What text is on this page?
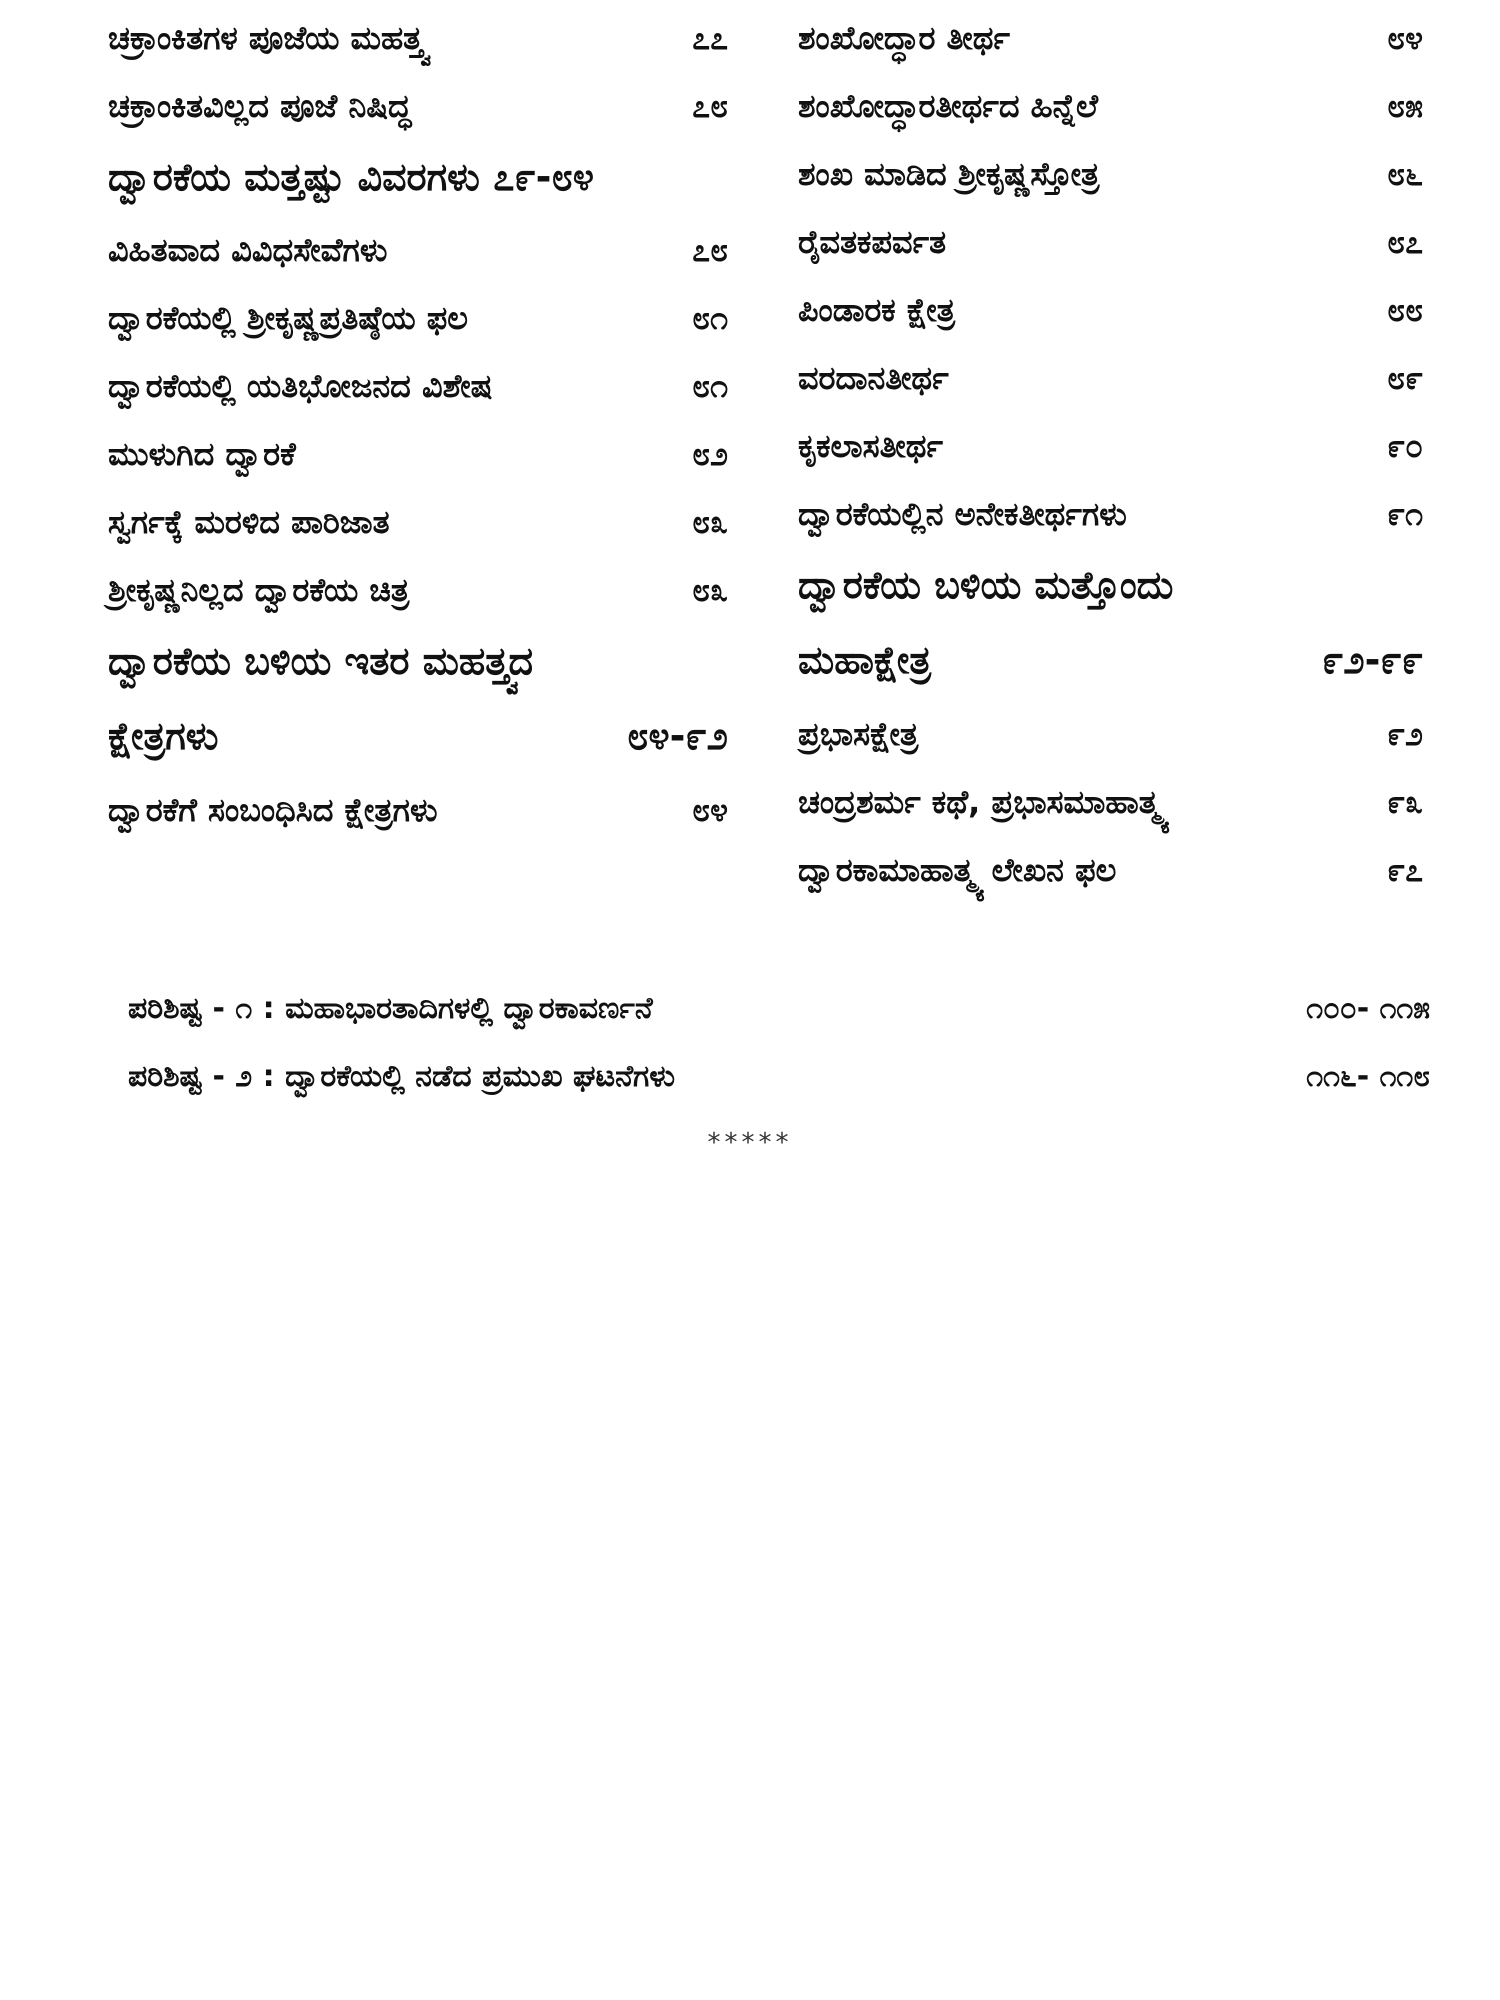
ಚಕ್ರಾಂಕಿತಗಳ ಪೂಜೆಯ ಮಹತ್ತ್ವ	೭೭
ಚಕ್ರಾಂಕಿತವಿಲ್ಲದ ಪೂಜೆ ನಿಷಿದ್ಧ	೭೮
ದ್ವಾರಕೆಯ ಮತ್ತಷ್ಟು ವಿವರಗಳು ೭೯-೮೪
ವಿಹಿತವಾದ ವಿವಿಧಸೇವೆಗಳು	೭೮
ದ್ವಾರಕೆಯಲ್ಲಿ ಶ್ರೀಕೃಷ್ಣಪ್ರತಿಷ್ಠೆಯ ಫಲ	೮೧
ದ್ವಾರಕೆಯಲ್ಲಿ ಯತಿಭೋಜನದ ವಿಶೇಷ	೮೧
ಮುಳುಗಿದ ದ್ವಾರಕೆ	೮೨
ಸ್ವರ್ಗಕ್ಕೆ ಮರಳಿದ ಪಾರಿಜಾತ	೮೩
ಶ್ರೀಕೃಷ್ಣನಿಲ್ಲದ ದ್ವಾರಕೆಯ ಚಿತ್ರ	೮೩
ದ್ವಾರಕೆಯ ಬಳಿಯ ಇತರ ಮಹತ್ತ್ವದ
ಕ್ಷೇತ್ರಗಳು	೮೪-೯೨
ದ್ವಾರಕೆಗೆ ಸಂಬಂಧಿಸಿದ ಕ್ಷೇತ್ರಗಳು	೮೪
ಶಂಖೋದ್ಧಾರ ತೀರ್ಥ	೮೪
ಶಂಖೋದ್ಧಾರತೀರ್ಥದ ಹಿನ್ನೆಲೆ	೮೫
ಶಂಖ ಮಾಡಿದ ಶ್ರೀಕೃಷ್ಣಸ್ತೋತ್ರ	೮೬
ರೈವತಕಪರ್ವತ	೮೭
ಪಿಂಡಾರಕ ಕ್ಷೇತ್ರ	೮೮
ವರದಾನತೀರ್ಥ	೮೯
ಕೃಕಲಾಸತೀರ್ಥ	೯೦
ದ್ವಾರಕೆಯಲ್ಲಿನ ಅನೇಕತೀರ್ಥಗಳು	೯೧
ದ್ವಾರಕೆಯ ಬಳಿಯ ಮತ್ತೊಂದು
ಮಹಾಕ್ಷೇತ್ರ	೯೨-೯೯
ಪ್ರಭಾಸಕ್ಷೇತ್ರ	೯೨
ಚಂದ್ರಶರ್ಮ ಕಥೆ, ಪ್ರಭಾಸಮಾಹಾತ್ಮ್ಯ	೯೩
ದ್ವಾರಕಾಮಾಹಾತ್ಮ್ಯ ಲೇಖನ ಫಲ	೯೭
ಪರಿಶಿಷ್ಟ - ೧ : ಮಹಾಭಾರತಾದಿಗಳಲ್ಲಿ ದ್ವಾರಕಾವರ್ಣನೆ	೧೦೦- ೧೧೫
ಪರಿಶಿಷ್ಟ - ೨ : ದ್ವಾರಕೆಯಲ್ಲಿ ನಡೆದ ಪ್ರಮುಖ ಘಟನೆಗಳು	೧೧೬- ೧೧೮
*****
